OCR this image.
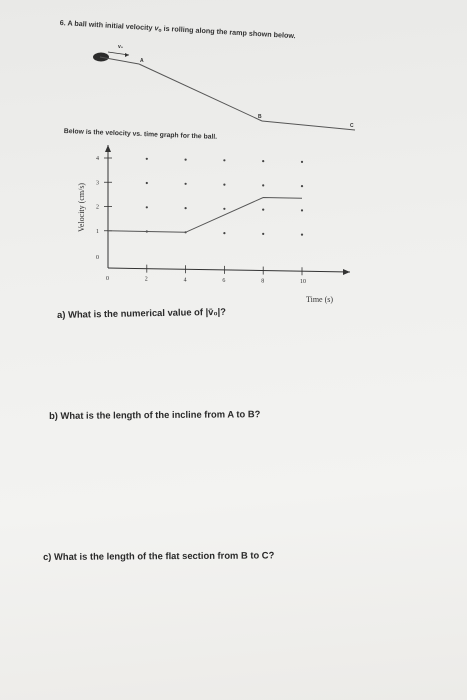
6. A ball with initial velocity $v_o$ is rolling along the ramp shown below.
v₀
A
B
C
Velocity (cm/s)
Time (s)
0
1
2
3
4
0	2	4	6	8	10
Below is the velocity vs. time graph for the ball.
a) What is the numerical value of |v̄₀|?
b) What is the length of the incline from A to B?
c) What is the length of the flat section from B to C?
